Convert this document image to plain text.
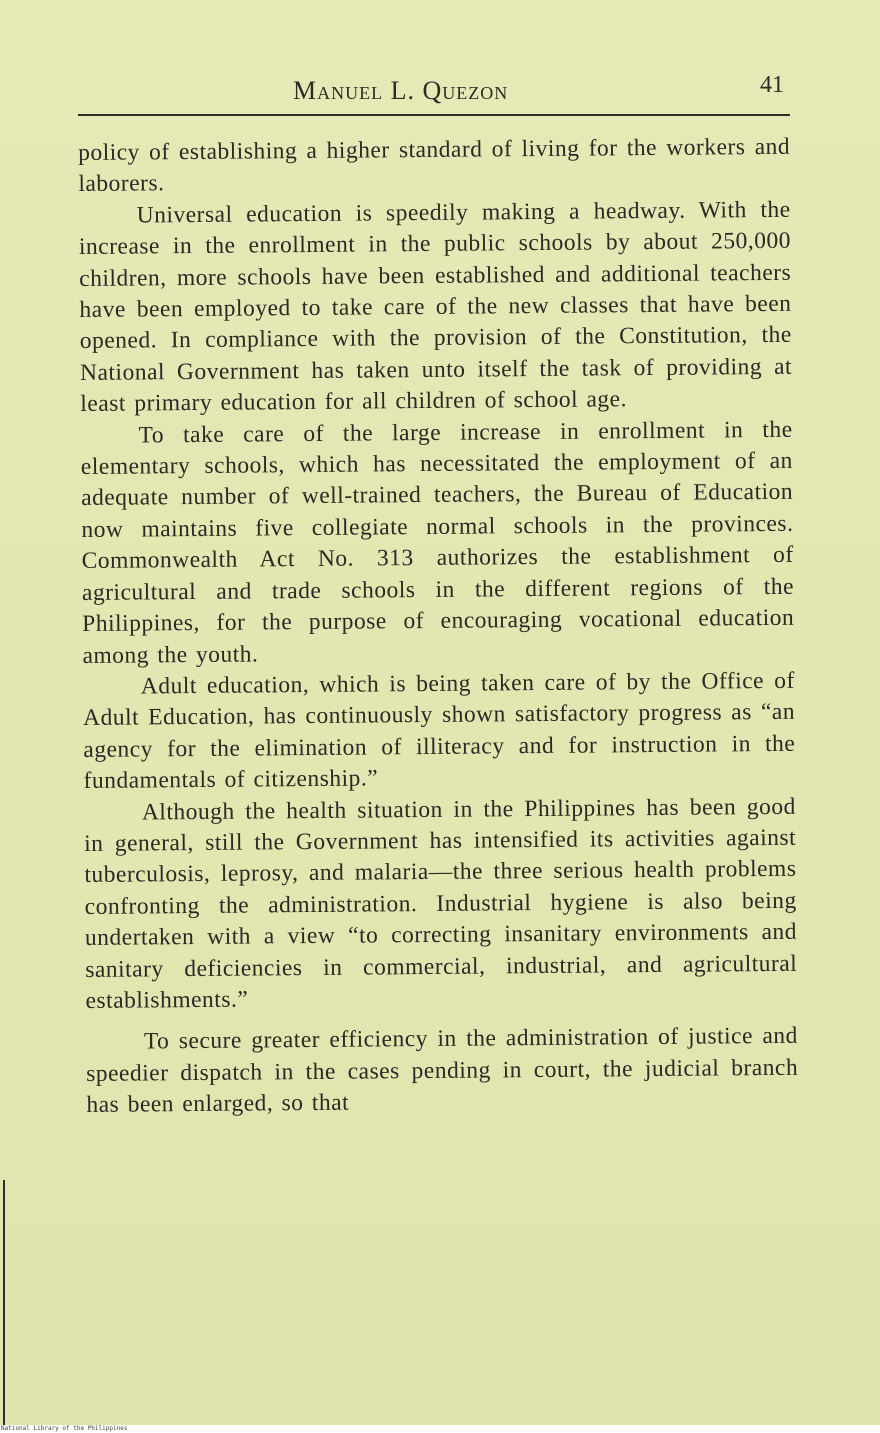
Manuel L. Quezon	41

policy of establishing a higher standard of living for the workers and laborers.

Universal education is speedily making a headway. With the increase in the enrollment in the public schools by about 250,000 children, more schools have been established and additional teachers have been employed to take care of the new classes that have been opened. In compliance with the provision of the Constitution, the National Government has taken unto itself the task of providing at least primary education for all children of school age.

To take care of the large increase in enrollment in the elementary schools, which has necessitated the employment of an adequate number of well-trained teachers, the Bureau of Education now maintains five collegiate normal schools in the provinces. Commonwealth Act No. 313 authorizes the establishment of agricultural and trade schools in the different regions of the Philippines, for the purpose of encouraging vocational education among the youth.

Adult education, which is being taken care of by the Office of Adult Education, has continuously shown satisfactory progress as “an agency for the elimination of illiteracy and for instruction in the fundamentals of citizenship.”

Although the health situation in the Philippines has been good in general, still the Government has intensified its activities against tuberculosis, leprosy, and malaria—the three serious health problems confronting the administration. Industrial hygiene is also being undertaken with a view “to correcting insanitary environments and sanitary deficiencies in commercial, industrial, and agricultural establishments.”

To secure greater efficiency in the administration of justice and speedier dispatch in the cases pending in court, the judicial branch has been enlarged, so that

National Library of the Philippines
